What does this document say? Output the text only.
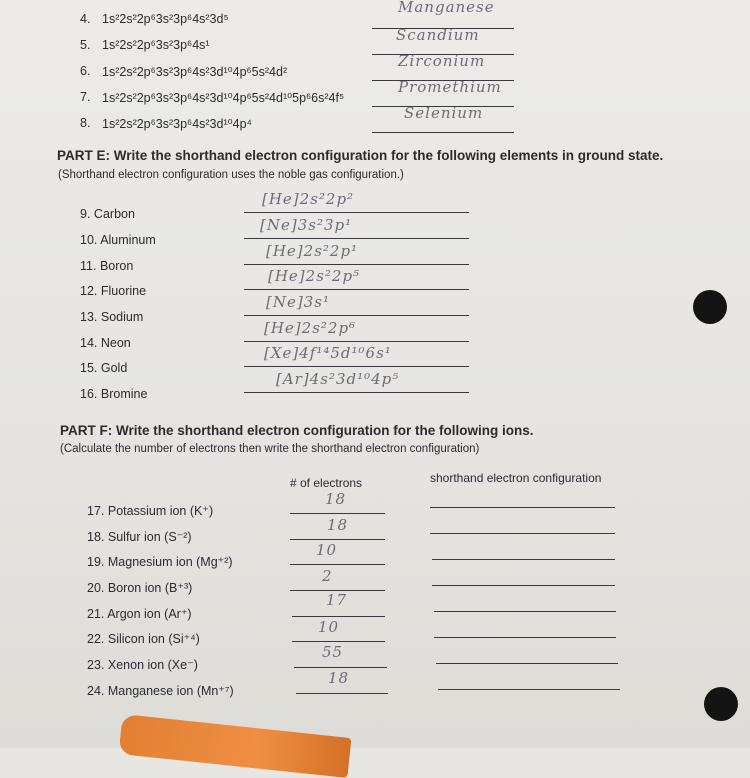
4. 1s²2s²2p⁶3s²3p⁶4s²3d⁵
Manganese
5. 1s²2s²2p⁶3s²3p⁶4s¹
Scandium
6. 1s²2s²2p⁶3s²3p⁶4s²3d¹⁰4p⁶5s²4d²
Zirconium
7. 1s²2s²2p⁶3s²3p⁶4s²3d¹⁰4p⁶5s²4d¹⁰5p⁶6s²4f⁵
Promethium
8. 1s²2s²2p⁶3s²3p⁶4s²3d¹⁰4p⁴
Selenium
PART E: Write the shorthand electron configuration for the following elements in ground state.
(Shorthand electron configuration uses the noble gas configuration.)
9. Carbon
[He]2s²2p²
10. Aluminum
[Ne]3s²3p¹
11. Boron
[He]2s²2p¹
12. Fluorine
[He]2s²2p⁵
13. Sodium
[Ne]3s¹
14. Neon
[He]2s²2p⁶
15. Gold
[Xe]4f¹⁴5d¹⁰6s¹
16. Bromine
[Ar]4s²3d¹⁰4p⁵
PART F: Write the shorthand electron configuration for the following ions.
(Calculate the number of electrons then write the shorthand electron configuration)
# of electrons	shorthand electron configuration
17. Potassium ion (K⁺)
18
18. Sulfur ion (S⁻²)
18
19. Magnesium ion (Mg⁺²)
10
20. Boron ion (B⁺³)
2
21. Argon ion (Ar⁺)
17
22. Silicon ion (Si⁺⁴)
10
23. Xenon ion (Xe⁻)
55
24. Manganese ion (Mn⁺⁷)
18
